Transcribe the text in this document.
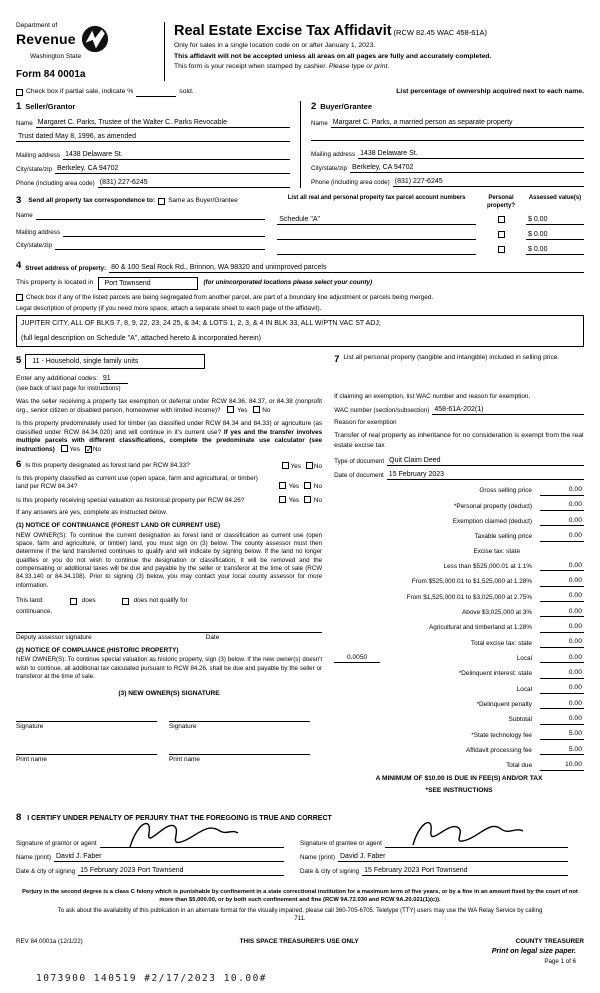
Department of
Revenue
Washington State
Form 84 0001a
Real Estate Excise Tax Affidavit (RCW 82.45 WAC 458-61A)
Only for sales in a single location code on or after January 1, 2023.
This affidavit will not be accepted unless all areas on all pages are fully and accurately completed.
This form is your receipt when stamped by cashier. Please type or print.
Check box if partial sale, indicate %	sold.	List percentage of ownership acquired next to each name.
1 Seller/Grantor
Name Margaret C. Parks, Trustee of the Walter C. Parks Revocable
Trust dated May 8, 1996, as amended
Mailing address 1438 Delaware St.
City/state/zip Berkeley, CA 94702
Phone (including area code) (831) 227-6245
2 Buyer/Grantee
Name Margaret C. Parks, a married person as separate property
Mailing address 1438 Delaware St.
City/state/zip Berkeley, CA 94702
Phone (including area code) (831) 227-6245
3 Send all property tax correspondence to: Same as Buyer/Grantee
Name
Mailing address
City/state/zip
List all real and personal property tax parcel account numbers	Personal property?
Assessed value(s)
Schedule "A"	$ 0.00
$ 0.00
$ 0.00
4 Street address of property: 80 & 100 Seal Rock Rd., Brinnon, WA 98320 and unimproved parcels
This property is located in	Port Townsend	(for unincorporated locations please select your county)
Check box if any of the listed parcels are being segregated from another parcel, are part of a boundary line adjustment or parcels being merged.
Legal description of property (if you need more space, attach a separate sheet to each page of the affidavit).
JUPITER CITY, ALL OF BLKS 7, 8, 9, 22, 23, 24 25, & 34; & LOTS 1, 2, 3, & 4 IN BLK 33, ALL W/PTN VAC ST ADJ;
(full legal description on Schedule "A", attached hereto & incorporated herein)
5	11 - Household, single family units
Enter any additional codes: 91
(see back of last page for instructions)
Was the seller receiving a property tax exemption or deferral under RCW 84.36, 84.37, or 84.38 (nonprofit org., senior citizen or disabled person, homeowner with limited income)?	Yes No
Is this property predominately used for timber (as classified under RCW 84.34 and 84.33) or agriculture (as classified under RCW 84.34.020) and will continue in it's current use? If yes and the transfer involves multiple parcels with different classifications, complete the predominate use calculator (see instructions) Yes ✓No
6 Is this property designated as forest land per RCW 84.33?	Yes No
Is this property classified as current use (open space, farm and agricultural, or timber) land per RCW 84.34?	Yes No
Is this property receiving special valuation as historical property per RCW 84.26?	Yes No
If any answers are yes, complete as instructed below.
(1) NOTICE OF CONTINUANCE (FOREST LAND OR CURRENT USE)
NEW OWNER(S): To continue the current designation as forest land or classification as current use (open space, farm and agriculture, or timber) land, you must sign on (3) below. The county assessor must then determine if the land transferred continues to qualify and will indicate by signing below. If the land no longer qualifies or you do not wish to continue the designation or classification, it will be removed and the compensating or additional taxes will be due and payable by the seller or transferor at the time of sale (RCW 84.33.140 or 84.34.108). Prior to signing (3) below, you may contact your local county assessor for more information.
This land:	does	does not qualify for
continuance.
Deputy assessor signature	Date
(2) NOTICE OF COMPLIANCE (HISTORIC PROPERTY)
NEW OWNER(S): To continue special valuation as historic property, sign (3) below. If the new owner(s) doesn't wish to continue, all additional tax calculated pursuant to RCW 84.26, shall be due and payable by the seller or transferor at the time of sale.
(3) NEW OWNER(S) SIGNATURE
Signature	Signature
Print name	Print name
7 List all personal property (tangible and intangible) included in selling price.
If claiming an exemption, list WAC number and reason for exemption.
WAC number (section/subsection) 458-61A-202(1)
Reason for exemption
Transfer of real property as inheritance for no consideration is exempt from the real estate excise tax
Type of document Quit Claim Deed
Date of document 15 February 2023
Gross selling price	0.00
*Personal property (deduct)	0.00
Exemption claimed (deduct)	0.00
Taxable selling price	0.00
Excise tax: state
Less than $525,000.01 at 1.1%	0.00
From $525,000.01 to $1,525,000 at 1.28%	0.00
From $1,525,000.01 to $3,025,000 at 2.75%	0.00
Above $3,025,000 at 3%	0.00
Agricultural and timberland at 1.28%	0.00
Total excise tax: state	0.00
0.0050	Local	0.00
*Delinquent interest: state	0.00
Local	0.00
*Delinquent penalty	0.00
Subtotal	0.00
*State technology fee	5.00
Affidavit processing fee	5.00
Total due	10.00
A MINIMUM OF $10.00 IS DUE IN FEE(S) AND/OR TAX
*SEE INSTRUCTIONS
8 I CERTIFY UNDER PENALTY OF PERJURY THAT THE FOREGOING IS TRUE AND CORRECT
Signature of grantor or agent
Name (print) David J. Faber
Date & city of signing 15 February 2023 Port Townsend
Signature of grantee or agent
Name (print) David J. Faber
Date & city of signing 15 February 2023 Port Townsend
Perjury in the second degree is a class C felony which is punishable by confinement in a state correctional institution for a maximum term of five years, or by a fine in an amount fixed by the court of not more than $5,000.00, or by both such confinement and fine (RCW 9A.72.030 and RCW 9A.20.021(1)(c)).
To ask about the availability of this publication in an alternate format for the visually impaired, please call 360-705-6705. Teletype (TTY) users may use the WA Relay Service by calling 711.
REV 84 0001a (12/1/22)	THIS SPACE TREASURER'S USE ONLY	COUNTY TREASURER
Print on legal size paper.
Page 1 of 6
1073900 140519 #2/17/2023 10.00#
